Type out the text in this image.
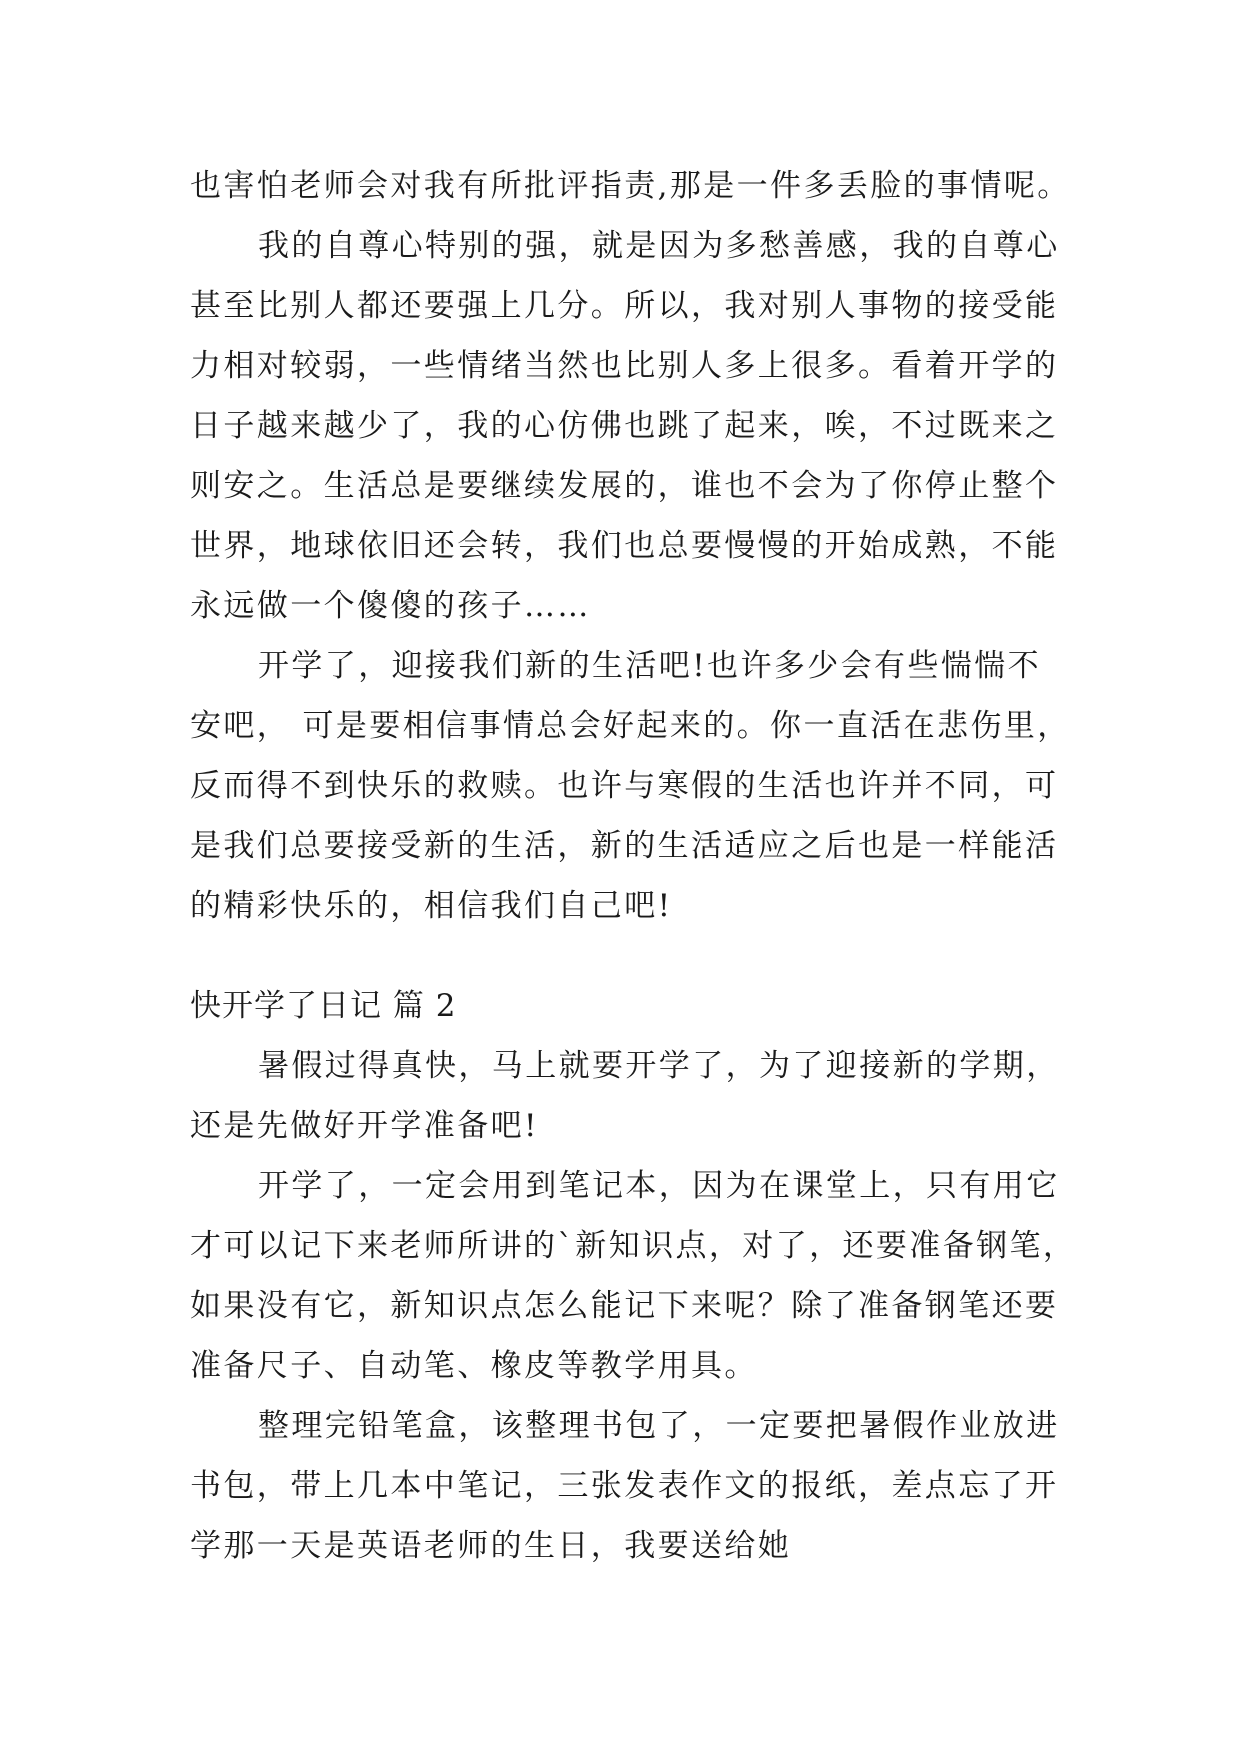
也害怕老师会对我有所批评指责,那是一件多丢脸的事情呢。

我的自尊心特别的强，就是因为多愁善感，我的自尊心

甚至比别人都还要强上几分。所以，我对别人事物的接受能

力相对较弱，一些情绪当然也比别人多上很多。看着开学的

日子越来越少了，我的心仿佛也跳了起来，唉，不过既来之

则安之。生活总是要继续发展的，谁也不会为了你停止整个

世界，地球依旧还会转，我们也总要慢慢的开始成熟，不能

永远做一个傻傻的孩子……

开学了，迎接我们新的生活吧!也许多少会有些惴惴不

安吧， 可是要相信事情总会好起来的。你一直活在悲伤里，

反而得不到快乐的救赎。也许与寒假的生活也许并不同，可

是我们总要接受新的生活，新的生活适应之后也是一样能活

的精彩快乐的，相信我们自己吧!

快开学了日记 篇 2

暑假过得真快，马上就要开学了，为了迎接新的学期，

还是先做好开学准备吧!

开学了，一定会用到笔记本，因为在课堂上，只有用它

才可以记下来老师所讲的`新知识点，对了，还要准备钢笔，

如果没有它，新知识点怎么能记下来呢？除了准备钢笔还要

准备尺子、自动笔、橡皮等教学用具。

整理完铅笔盒，该整理书包了，一定要把暑假作业放进

书包，带上几本中笔记，三张发表作文的报纸，差点忘了开

学那一天是英语老师的生日，我要送给她
